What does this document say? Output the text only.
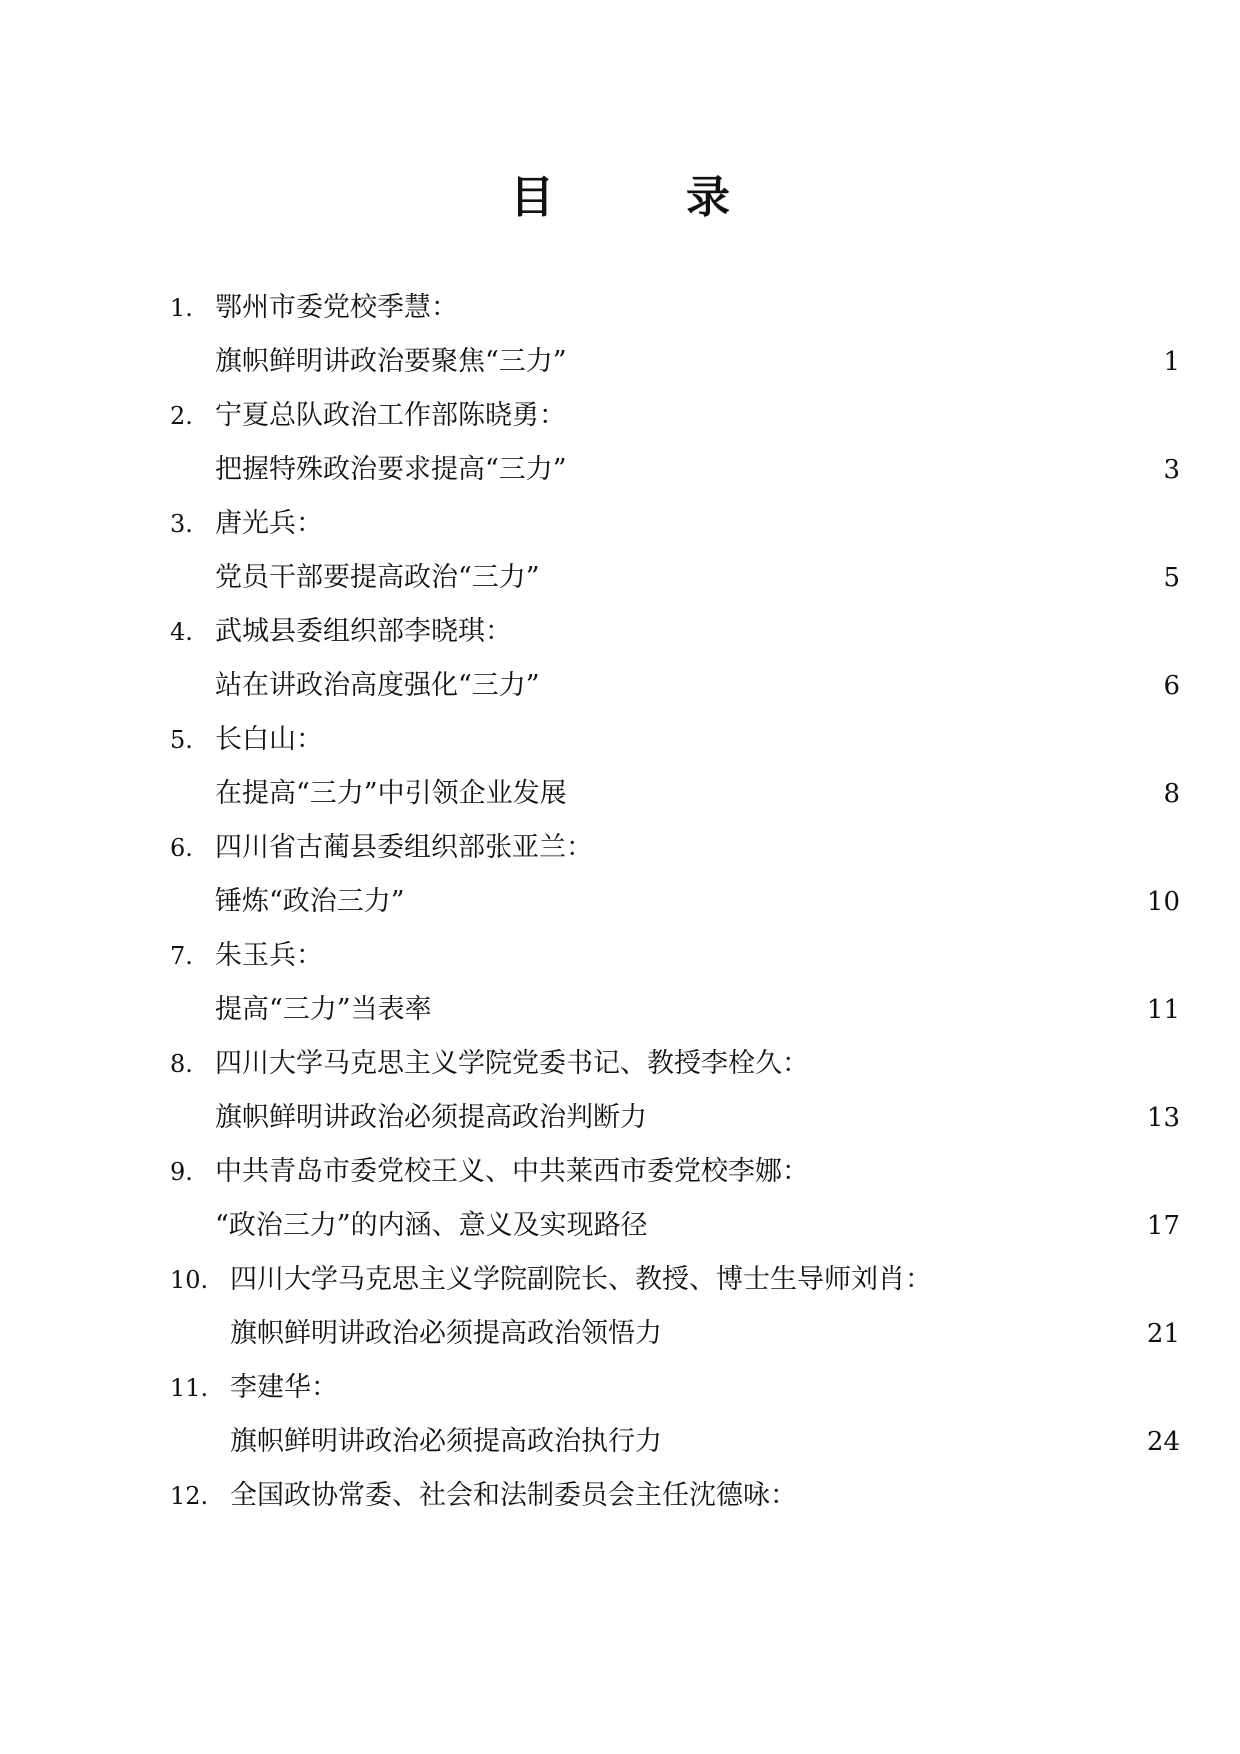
目　录
1. 鄂州市委党校季慧：
旗帜鲜明讲政治要聚焦“三力”	1
2. 宁夏总队政治工作部陈晓勇：
把握特殊政治要求提高“三力”	3
3. 唐光兵：
党员干部要提高政治“三力”	5
4. 武城县委组织部李晓琪：
站在讲政治高度强化“三力”	6
5. 长白山：
在提高“三力”中引领企业发展	8
6. 四川省古蔺县委组织部张亚兰：
锤炼“政治三力”	10
7. 朱玉兵：
提高“三力”当表率	11
8. 四川大学马克思主义学院党委书记、教授李栓久：
旗帜鲜明讲政治必须提高政治判断力	13
9. 中共青岛市委党校王义、中共莱西市委党校李娜：
“政治三力”的内涵、意义及实现路径	17
10. 四川大学马克思主义学院副院长、教授、博士生导师刘肖：
旗帜鲜明讲政治必须提高政治领悟力	21
11. 李建华：
旗帜鲜明讲政治必须提高政治执行力	24
12. 全国政协常委、社会和法制委员会主任沈德咏：
